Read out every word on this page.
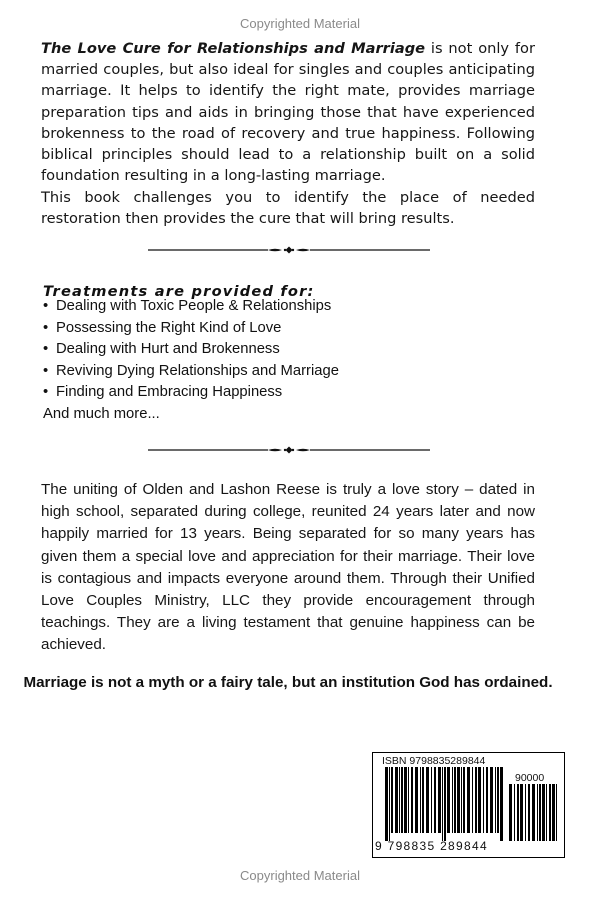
Copyrighted Material
The Love Cure for Relationships and Marriage is not only for married couples, but also ideal for singles and couples anticipating marriage. It helps to identify the right mate, provides marriage preparation tips and aids in bringing those that have experienced brokenness to the road of recovery and true happiness. Following biblical principles should lead to a relationship built on a solid foundation resulting in a long-lasting marriage.
This book challenges you to identify the place of needed restoration then provides the cure that will bring results.
Treatments are provided for:
• Dealing with Toxic People & Relationships
• Possessing the Right Kind of Love
• Dealing with Hurt and Brokenness
• Reviving Dying Relationships and Marriage
• Finding and Embracing Happiness
And much more...
The uniting of Olden and Lashon Reese is truly a love story – dated in high school, separated during college, reunited 24 years later and now happily married for 13 years. Being separated for so many years has given them a special love and appreciation for their marriage. Their love is contagious and impacts everyone around them. Through their Unified Love Couples Ministry, LLC they provide encouragement through teachings. They are a living testament that genuine happiness can be achieved.
Marriage is not a myth or a fairy tale, but an institution God has ordained.
ISBN 9798835289844
90000
9 798835 289844
Copyrighted Material
